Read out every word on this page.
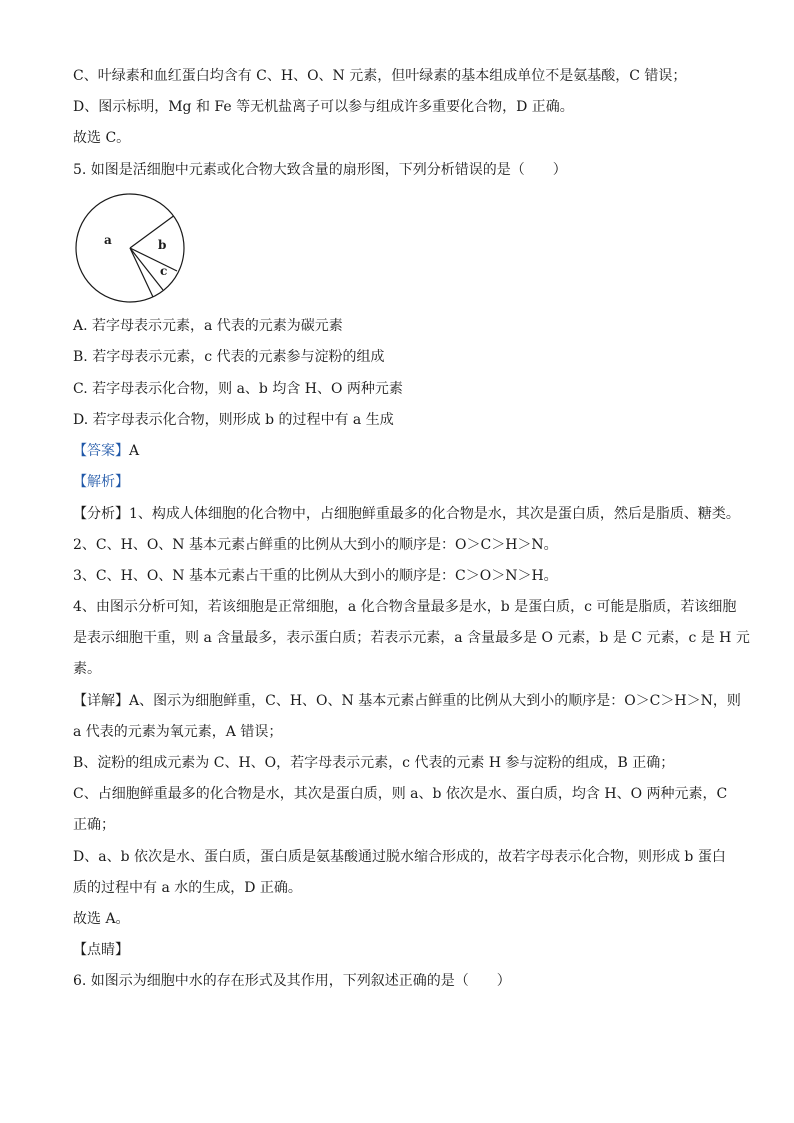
C、叶绿素和血红蛋白均含有 C、H、O、N 元素，但叶绿素的基本组成单位不是氨基酸，C 错误；
D、图示标明，Mg 和 Fe 等无机盐离子可以参与组成许多重要化合物，D 正确。
故选 C。
5. 如图是活细胞中元素或化合物大致含量的扇形图，下列分析错误的是（　　）
a	b
c
A. 若字母表示元素，a 代表的元素为碳元素
B. 若字母表示元素，c 代表的元素参与淀粉的组成
C. 若字母表示化合物，则 a、b 均含 H、O 两种元素
D. 若字母表示化合物，则形成 b 的过程中有 a 生成
【答案】A
【解析】
【分析】1、构成人体细胞的化合物中，占细胞鲜重最多的化合物是水，其次是蛋白质，然后是脂质、糖类。
2、C、H、O、N 基本元素占鲜重的比例从大到小的顺序是：O＞C＞H＞N。
3、C、H、O、N 基本元素占干重的比例从大到小的顺序是：C＞O＞N＞H。
4、由图示分析可知，若该细胞是正常细胞，a 化合物含量最多是水，b 是蛋白质，c 可能是脂质，若该细胞
是表示细胞干重，则 a 含量最多，表示蛋白质；若表示元素，a 含量最多是 O 元素，b 是 C 元素，c 是 H 元
素。
【详解】A、图示为细胞鲜重，C、H、O、N 基本元素占鲜重的比例从大到小的顺序是：O＞C＞H＞N，则
a 代表的元素为氧元素，A 错误；
B、淀粉的组成元素为 C、H、O，若字母表示元素，c 代表的元素 H 参与淀粉的组成，B 正确；
C、占细胞鲜重最多的化合物是水，其次是蛋白质，则 a、b 依次是水、蛋白质，均含 H、O 两种元素，C
正确；
D、a、b 依次是水、蛋白质，蛋白质是氨基酸通过脱水缩合形成的，故若字母表示化合物，则形成 b 蛋白
质的过程中有 a 水的生成，D 正确。
故选 A。
【点睛】
6. 如图示为细胞中水的存在形式及其作用，下列叙述正确的是（　　）
